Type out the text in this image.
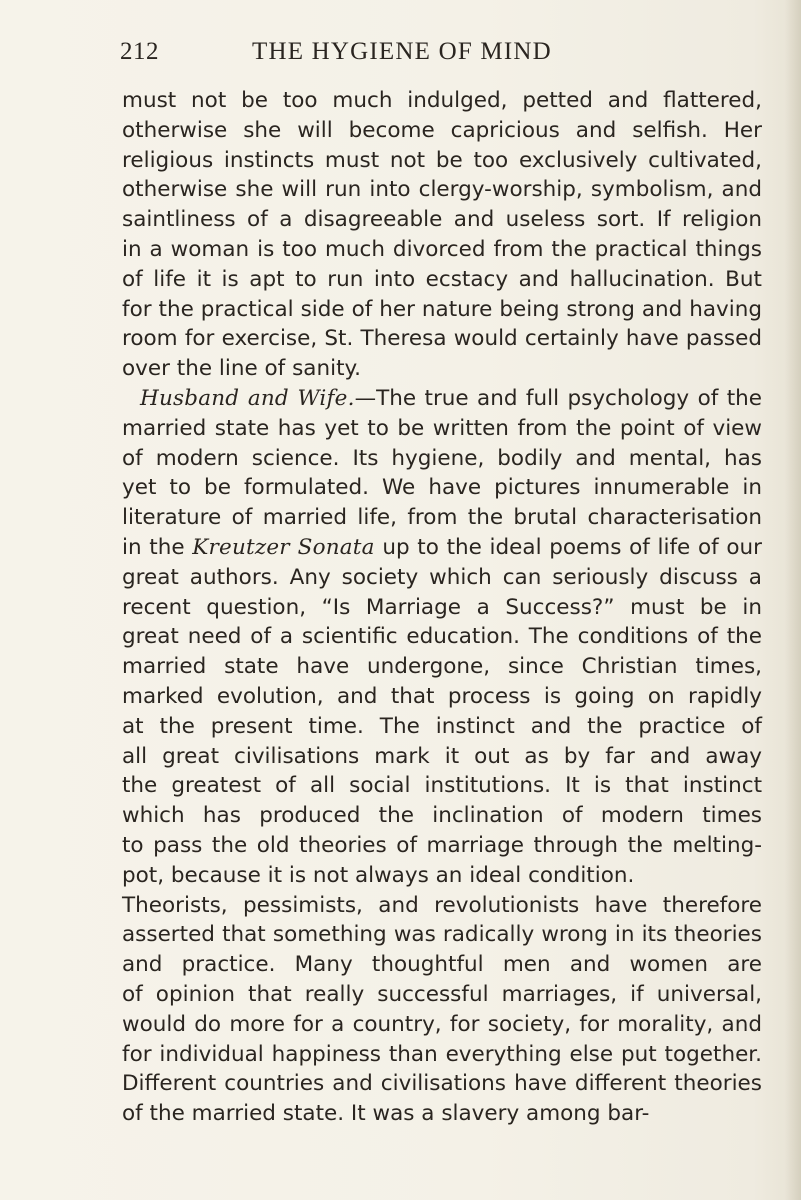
212	THE HYGIENE OF MIND
must not be too much indulged, petted and flattered,
otherwise she will become capricious and selfish. Her
religious instincts must not be too exclusively cultivated,
otherwise she will run into clergy-worship, symbolism, and
saintliness of a disagreeable and useless sort. If religion
in a woman is too much divorced from the practical things
of life it is apt to run into ecstacy and hallucination. But
for the practical side of her nature being strong and having
room for exercise, St. Theresa would certainly have passed
over the line of sanity.
Husband and Wife.—The true and full psychology of the
married state has yet to be written from the point of view
of modern science. Its hygiene, bodily and mental, has
yet to be formulated. We have pictures innumerable in
literature of married life, from the brutal characterisation
in the Kreutzer Sonata up to the ideal poems of life of our
great authors. Any society which can seriously discuss a
recent question, “Is Marriage a Success?” must be in
great need of a scientific education. The conditions of the
married state have undergone, since Christian times,
marked evolution, and that process is going on rapidly
at the present time. The instinct and the practice of
all great civilisations mark it out as by far and away
the greatest of all social institutions. It is that instinct
which has produced the inclination of modern times
to pass the old theories of marriage through the melting-
pot, because it is not always an ideal condition.
Theorists, pessimists, and revolutionists have therefore
asserted that something was radically wrong in its theories
and practice. Many thoughtful men and women are
of opinion that really successful marriages, if universal,
would do more for a country, for society, for morality, and
for individual happiness than everything else put together.
Different countries and civilisations have different theories
of the married state. It was a slavery among bar-
